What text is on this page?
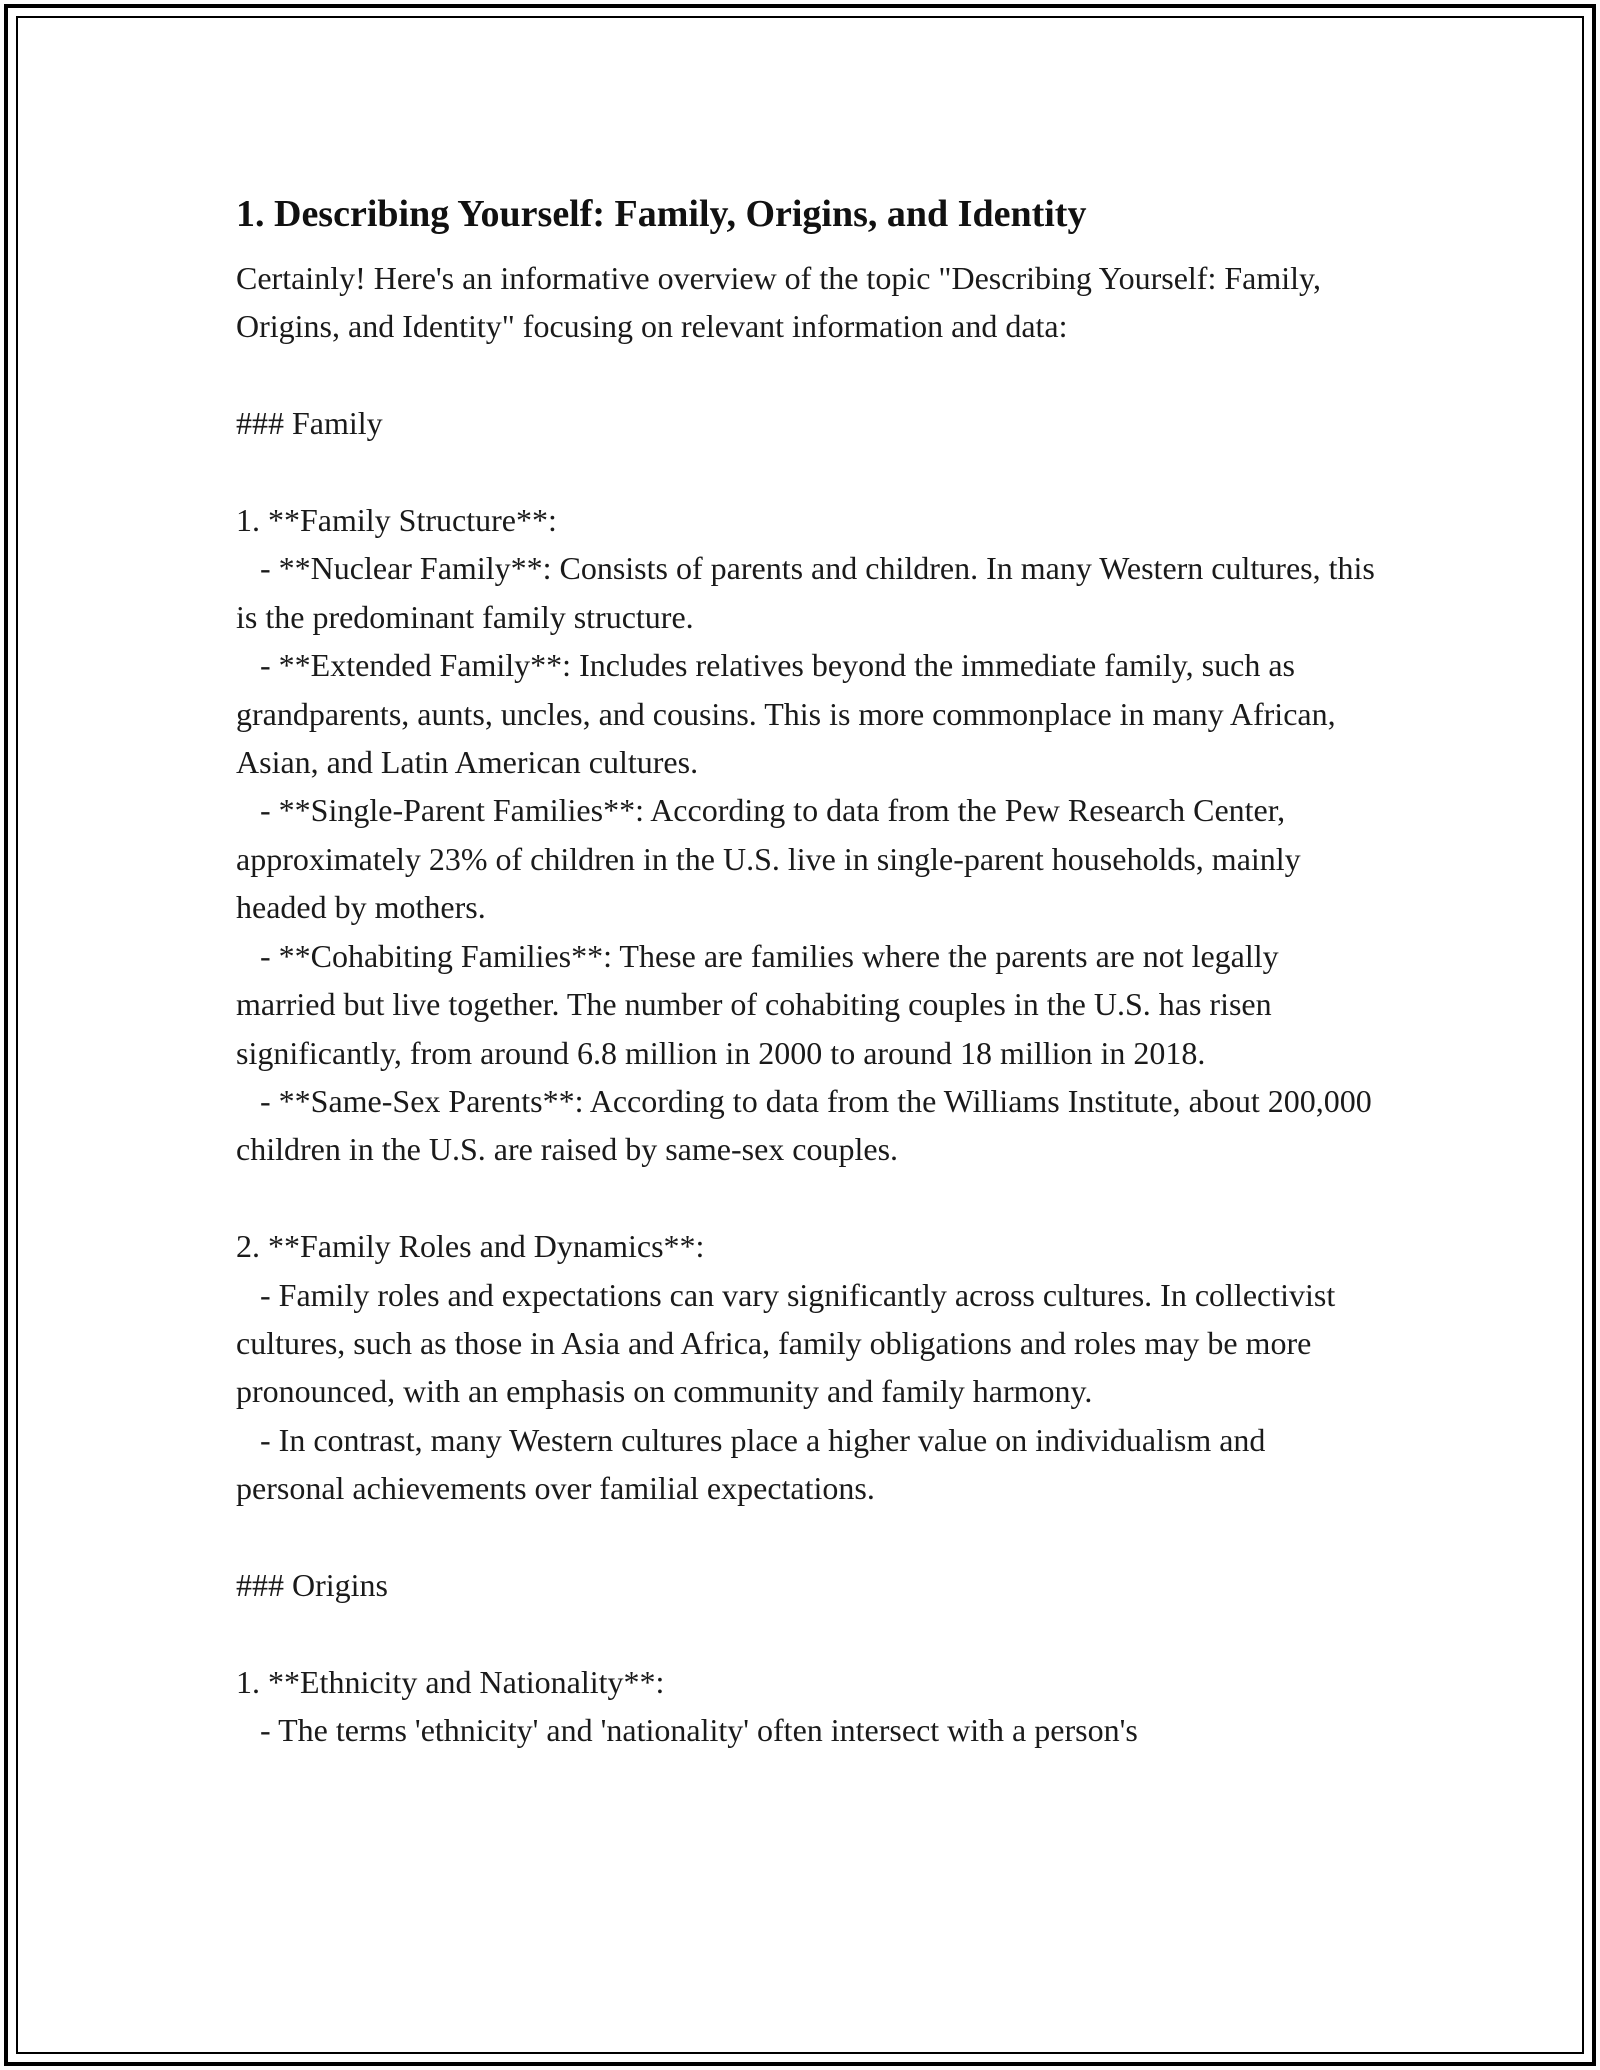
1. Describing Yourself: Family, Origins, and Identity

Certainly! Here's an informative overview of the topic "Describing Yourself: Family, Origins, and Identity" focusing on relevant information and data:

### Family

1. **Family Structure**:
- **Nuclear Family**: Consists of parents and children. In many Western cultures, this is the predominant family structure.
- **Extended Family**: Includes relatives beyond the immediate family, such as grandparents, aunts, uncles, and cousins. This is more commonplace in many African, Asian, and Latin American cultures.
- **Single-Parent Families**: According to data from the Pew Research Center, approximately 23% of children in the U.S. live in single-parent households, mainly headed by mothers.
- **Cohabiting Families**: These are families where the parents are not legally married but live together. The number of cohabiting couples in the U.S. has risen significantly, from around 6.8 million in 2000 to around 18 million in 2018.
- **Same-Sex Parents**: According to data from the Williams Institute, about 200,000 children in the U.S. are raised by same-sex couples.

2. **Family Roles and Dynamics**:
- Family roles and expectations can vary significantly across cultures. In collectivist cultures, such as those in Asia and Africa, family obligations and roles may be more pronounced, with an emphasis on community and family harmony.
- In contrast, many Western cultures place a higher value on individualism and personal achievements over familial expectations.

### Origins

1. **Ethnicity and Nationality**:
- The terms 'ethnicity' and 'nationality' often intersect with a person's
